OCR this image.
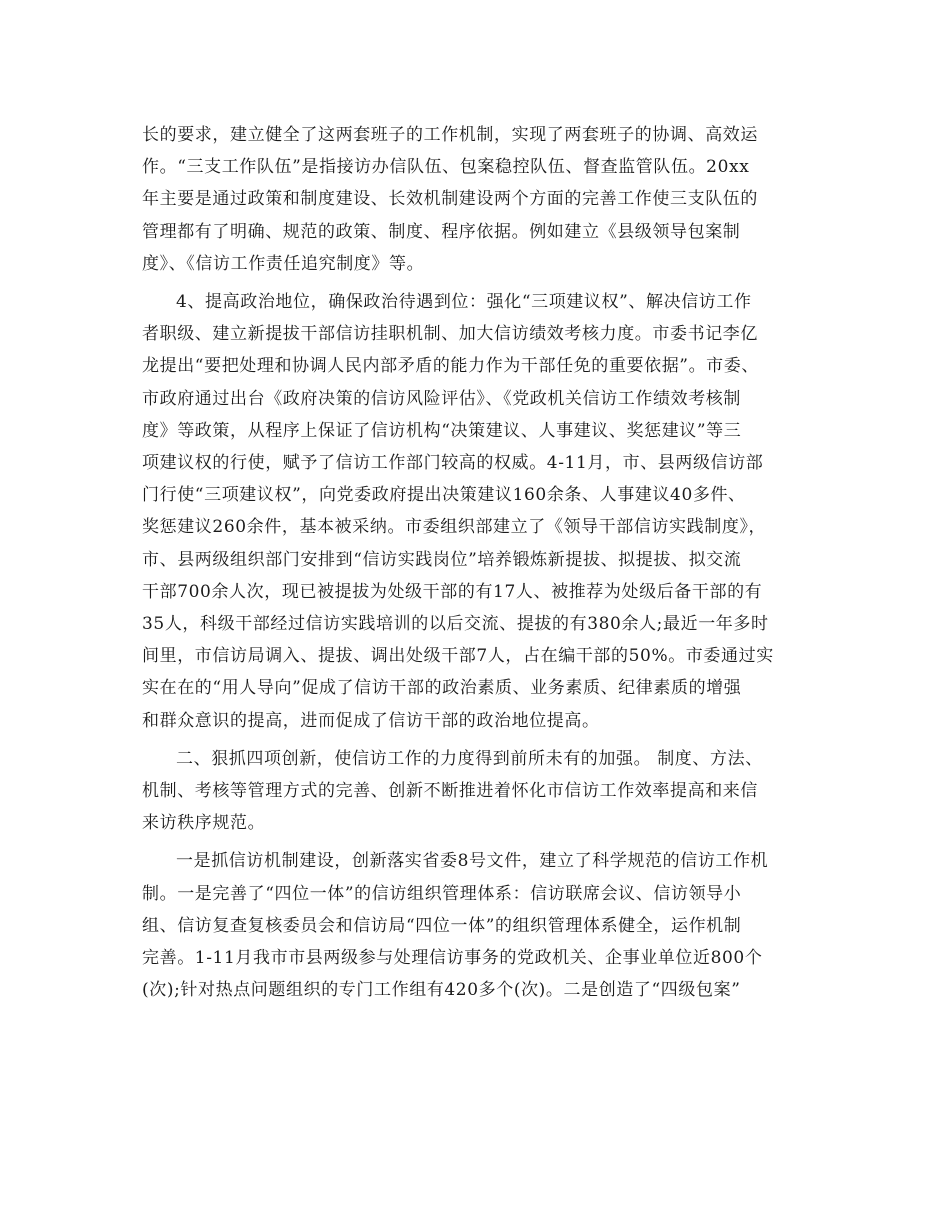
长的要求，建立健全了这两套班子的工作机制，实现了两套班子的协调、高效运
作。“三支工作队伍”是指接访办信队伍、包案稳控队伍、督查监管队伍。20xx
年主要是通过政策和制度建设、长效机制建设两个方面的完善工作使三支队伍的
管理都有了明确、规范的政策、制度、程序依据。例如建立《县级领导包案制
度》、《信访工作责任追究制度》等。

4、提高政治地位，确保政治待遇到位：强化“三项建议权”、解决信访工作
者职级、建立新提拔干部信访挂职机制、加大信访绩效考核力度。市委书记李亿
龙提出“要把处理和协调人民内部矛盾的能力作为干部任免的重要依据”。市委、
市政府通过出台《政府决策的信访风险评估》、《党政机关信访工作绩效考核制
度》等政策，从程序上保证了信访机构“决策建议、人事建议、奖惩建议”等三
项建议权的行使，赋予了信访工作部门较高的权威。4-11月，市、县两级信访部
门行使“三项建议权”，向党委政府提出决策建议160余条、人事建议40多件、
奖惩建议260余件，基本被采纳。市委组织部建立了《领导干部信访实践制度》，
市、县两级组织部门安排到“信访实践岗位”培养锻炼新提拔、拟提拔、拟交流
干部700余人次，现已被提拔为处级干部的有17人、被推荐为处级后备干部的有
35人，科级干部经过信访实践培训的以后交流、提拔的有380余人;最近一年多时
间里，市信访局调入、提拔、调出处级干部7人，占在编干部的50%。市委通过实
实在在的“用人导向”促成了信访干部的政治素质、业务素质、纪律素质的增强
和群众意识的提高，进而促成了信访干部的政治地位提高。

二、狠抓四项创新，使信访工作的力度得到前所未有的加强。 制度、方法、
机制、考核等管理方式的完善、创新不断推进着怀化市信访工作效率提高和来信
来访秩序规范。

一是抓信访机制建设，创新落实省委8号文件，建立了科学规范的信访工作机
制。一是完善了“四位一体”的信访组织管理体系：信访联席会议、信访领导小
组、信访复查复核委员会和信访局“四位一体”的组织管理体系健全，运作机制
完善。1-11月我市市县两级参与处理信访事务的党政机关、企事业单位近800个
(次);针对热点问题组织的专门工作组有420多个(次)。二是创造了“四级包案”
